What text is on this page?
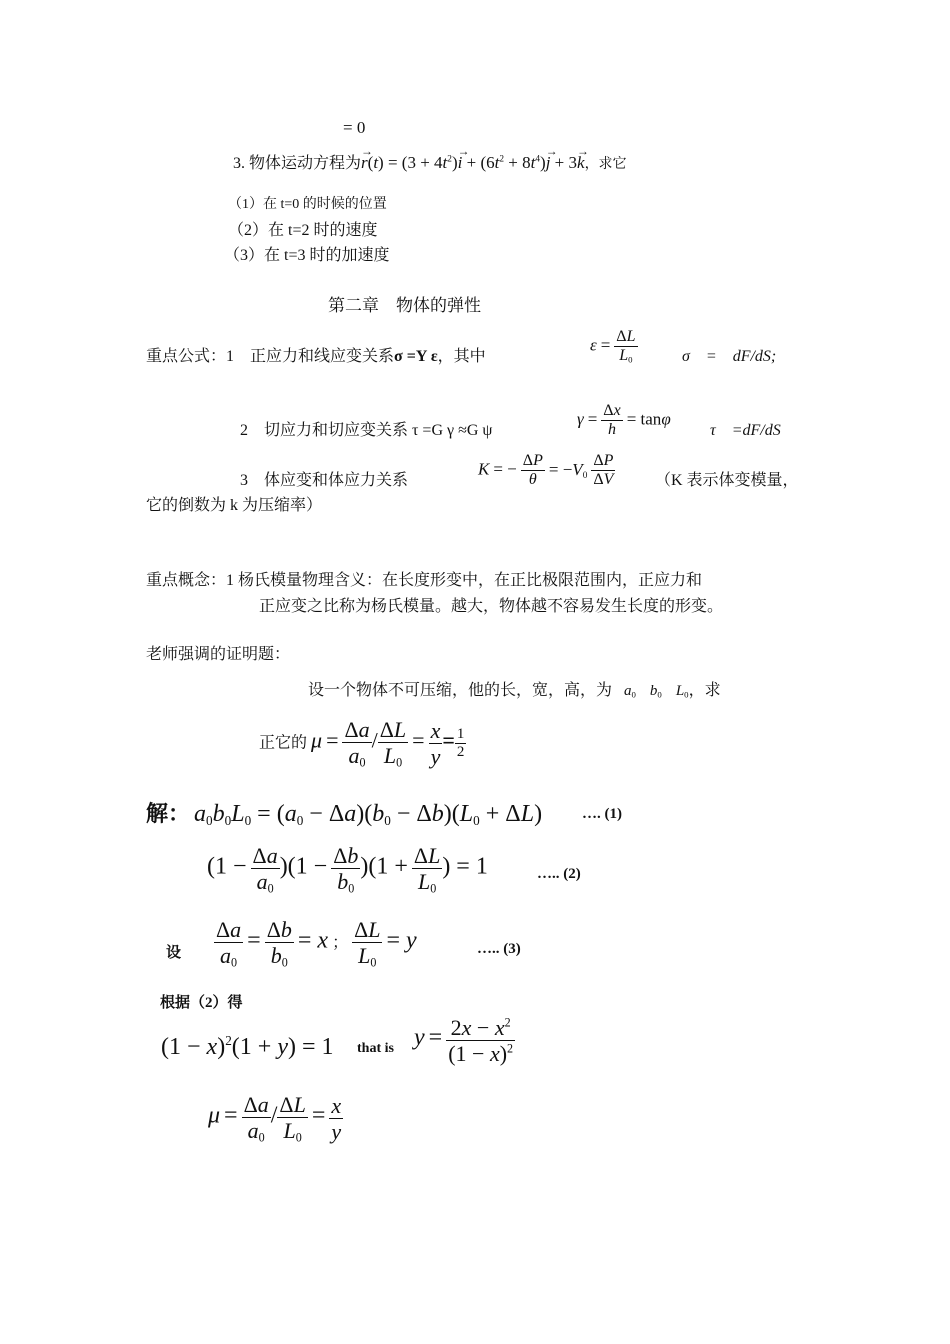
= 0
3. 物体运动方程为→ $r(t) = (3 + 4t^2)\to i + (6t^2 + 8t^4)\to j + 3\to k$，求它
（1）在 t=0 的时候的位置
（2）在 t=2 时的速度
（3）在 t=3 时的加速度
第二章　物体的弹性
重点公式：1　正应力和线应变关系σ =Y ε，其中
$\varepsilon = \frac{\Delta L}{L_0}$	σ　=　dF/dS;
2　切应力和切应变关系 τ =G γ ≈G ψ
$\gamma = \frac{\Delta x}{h} = \tan\varphi$
τ　=dF/dS
3　体应变和体应力关系
K = − $\frac{\Delta P}{\theta} = -V_0 \frac{\Delta P}{\Delta V} (K$ 表示体变模量，
它的倒数为 k 为压缩率）
重点概念：1 杨氏模量物理含义：在长度形变中，在正比极限范围内，正应力和
正应变之比称为杨氏模量。越大，物体越不容易发生长度的形变。
老师强调的证明题：
设一个物体不可压缩，他的长，宽，高，为 $a_0$ $b_0$ $L_0$，求
正它的 $\mu = \frac{\Delta a}{a_0} / \frac{\Delta L}{L_0} = \frac{x}{y} = \frac{1}{2}$
解： $a_0b_0L_0 = (a_0 - \Delta a)(b_0 - \Delta b)(L_0 + \Delta L)$	…. (1)
$(1 - \frac{\Delta a}{a_0} )(1 - \frac{\Delta b}{b_0} )(1 + \frac{\Delta L}{L_0}$ ) = 1	….. (2)
设 $\frac{\Delta a}{a_0} = \frac{\Delta b}{b_0} = x$ ； $\frac{\Delta L}{L_0} = y$	….. (3)
根据（2）得
$(1 - x)^2(1 + y) = 1$ that is $y = \frac{2x - x^2}{(1 - x)^2}$
$\mu = \frac{\Delta a}{a_0} / \frac{\Delta L}{L_0} = \frac{x}{y}$
